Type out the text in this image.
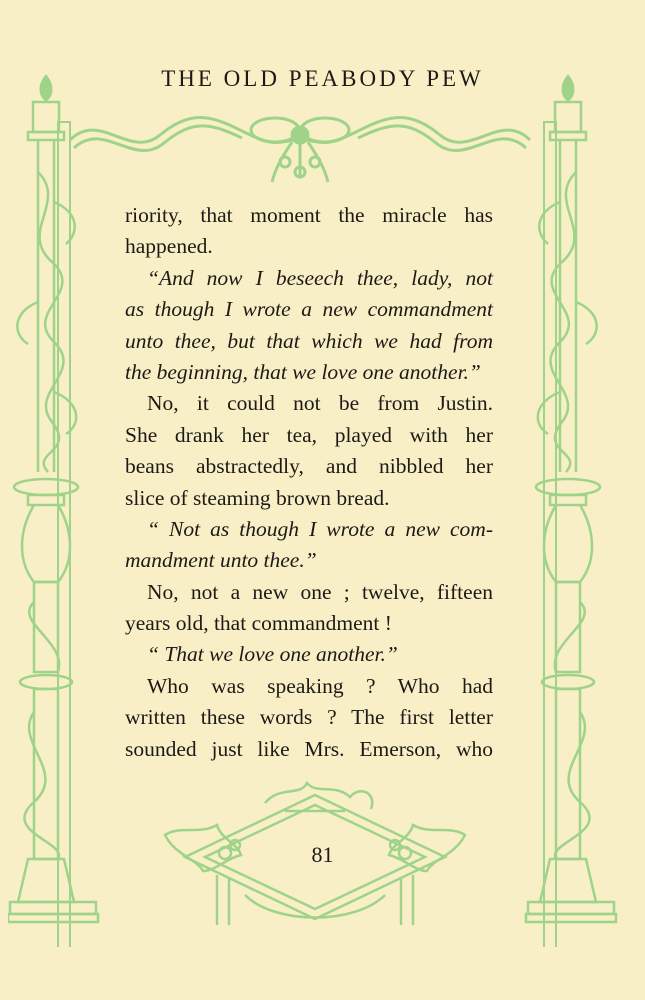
THE OLD PEABODY PEW
riority, that moment the miracle has
happened.
“And now I beseech thee, lady, not
as though I wrote a new commandment
unto thee, but that which we had from
the beginning, that we love one another.”
No, it could not be from Justin.
She drank her tea, played with her
beans abstractedly, and nibbled her
slice of steaming brown bread.
“ Not as though I wrote a new com-
mandment unto thee.”
No, not a new one ; twelve, fifteen
years old, that commandment !
“ That we love one another.”
Who was speaking ? Who had
written these words ? The first letter
sounded just like Mrs. Emerson, who
81
